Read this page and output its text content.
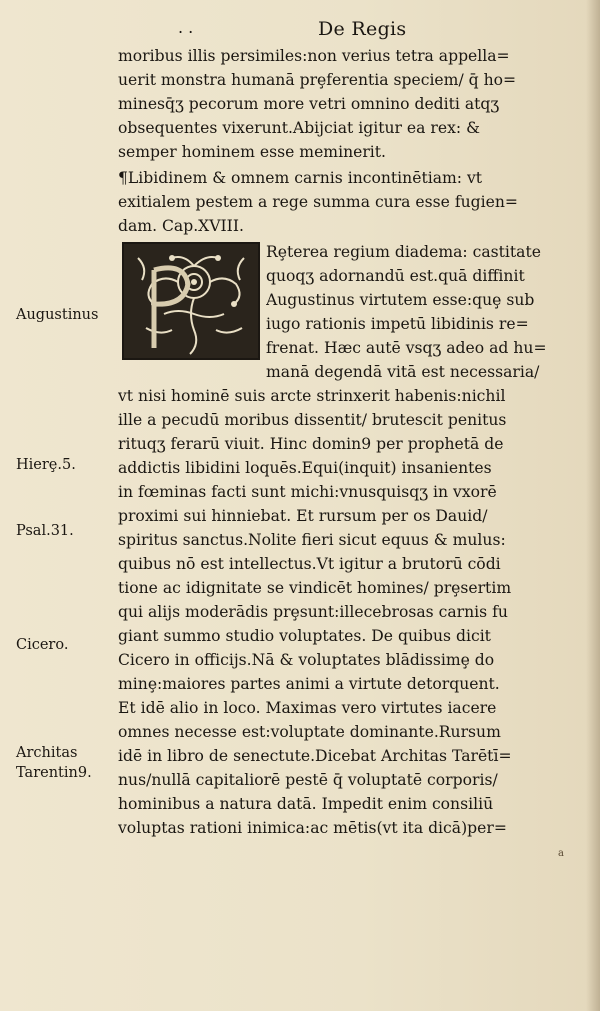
. .	De Regis
moribus illis persimiles:non verius tetra appella=
uerit monstra humanā prȩferentia speciem/ q̄ ho=
minesq̄ʒ pecorum more vetri omnino dediti atqʒ
obsequentes vixerunt.Abijciat igitur ea rex: &
semper hominem esse meminerit.
¶Libidinem & omnem carnis incontinētiam: vt
exitialem pestem a rege summa cura esse fugien=
dam. Cap.XVIII.
Rȩterea regium diadema: castitate
quoqʒ adornandū est.quā diffinit
Augustinus virtutem esse:quȩ sub
iugo rationis impetū libidinis re=
frenat. Hæc autē vsqʒ adeo ad hu=
manā degendā vitā est necessaria/
vt nisi hominē suis arcte strinxerit habenis:nichil
ille a pecudū moribus dissentit/ brutescit penitus
rituqʒ ferarū viuit. Hinc domin9 per prophetā de
addictis libidini loquēs.Equi(inquit) insanientes
in fœminas facti sunt michi:vnusquisqʒ in vxorē
proximi sui hinniebat. Et rursum per os Dauid/
spiritus sanctus.Nolite fieri sicut equus & mulus:
quibus nō est intellectus.Vt igitur a brutorū cōdi
tione ac idignitate se vindicēt homines/ prȩsertim
qui alijs moderādis prȩsunt:illecebrosas carnis fu
giant summo studio voluptates. De quibus dicit
Cicero in officijs.Nā & voluptates blādissimȩ do
minȩ:maiores partes animi a virtute detorquent.
Et idē alio in loco. Maximas vero virtutes iacere
omnes necesse est:voluptate dominante.Rursum
idē in libro de senectute.Dicebat Architas Tarētī=
nus/nullā capitaliorē pestē q̄ voluptatē corporis/
hominibus a natura datā. Impedit enim consiliū
voluptas rationi inimica:ac mētis(vt ita dicā)per=
Augustinus
Hierȩ.5.
Psal.31.
Cicero.
Architas
Tarentin9.
a
